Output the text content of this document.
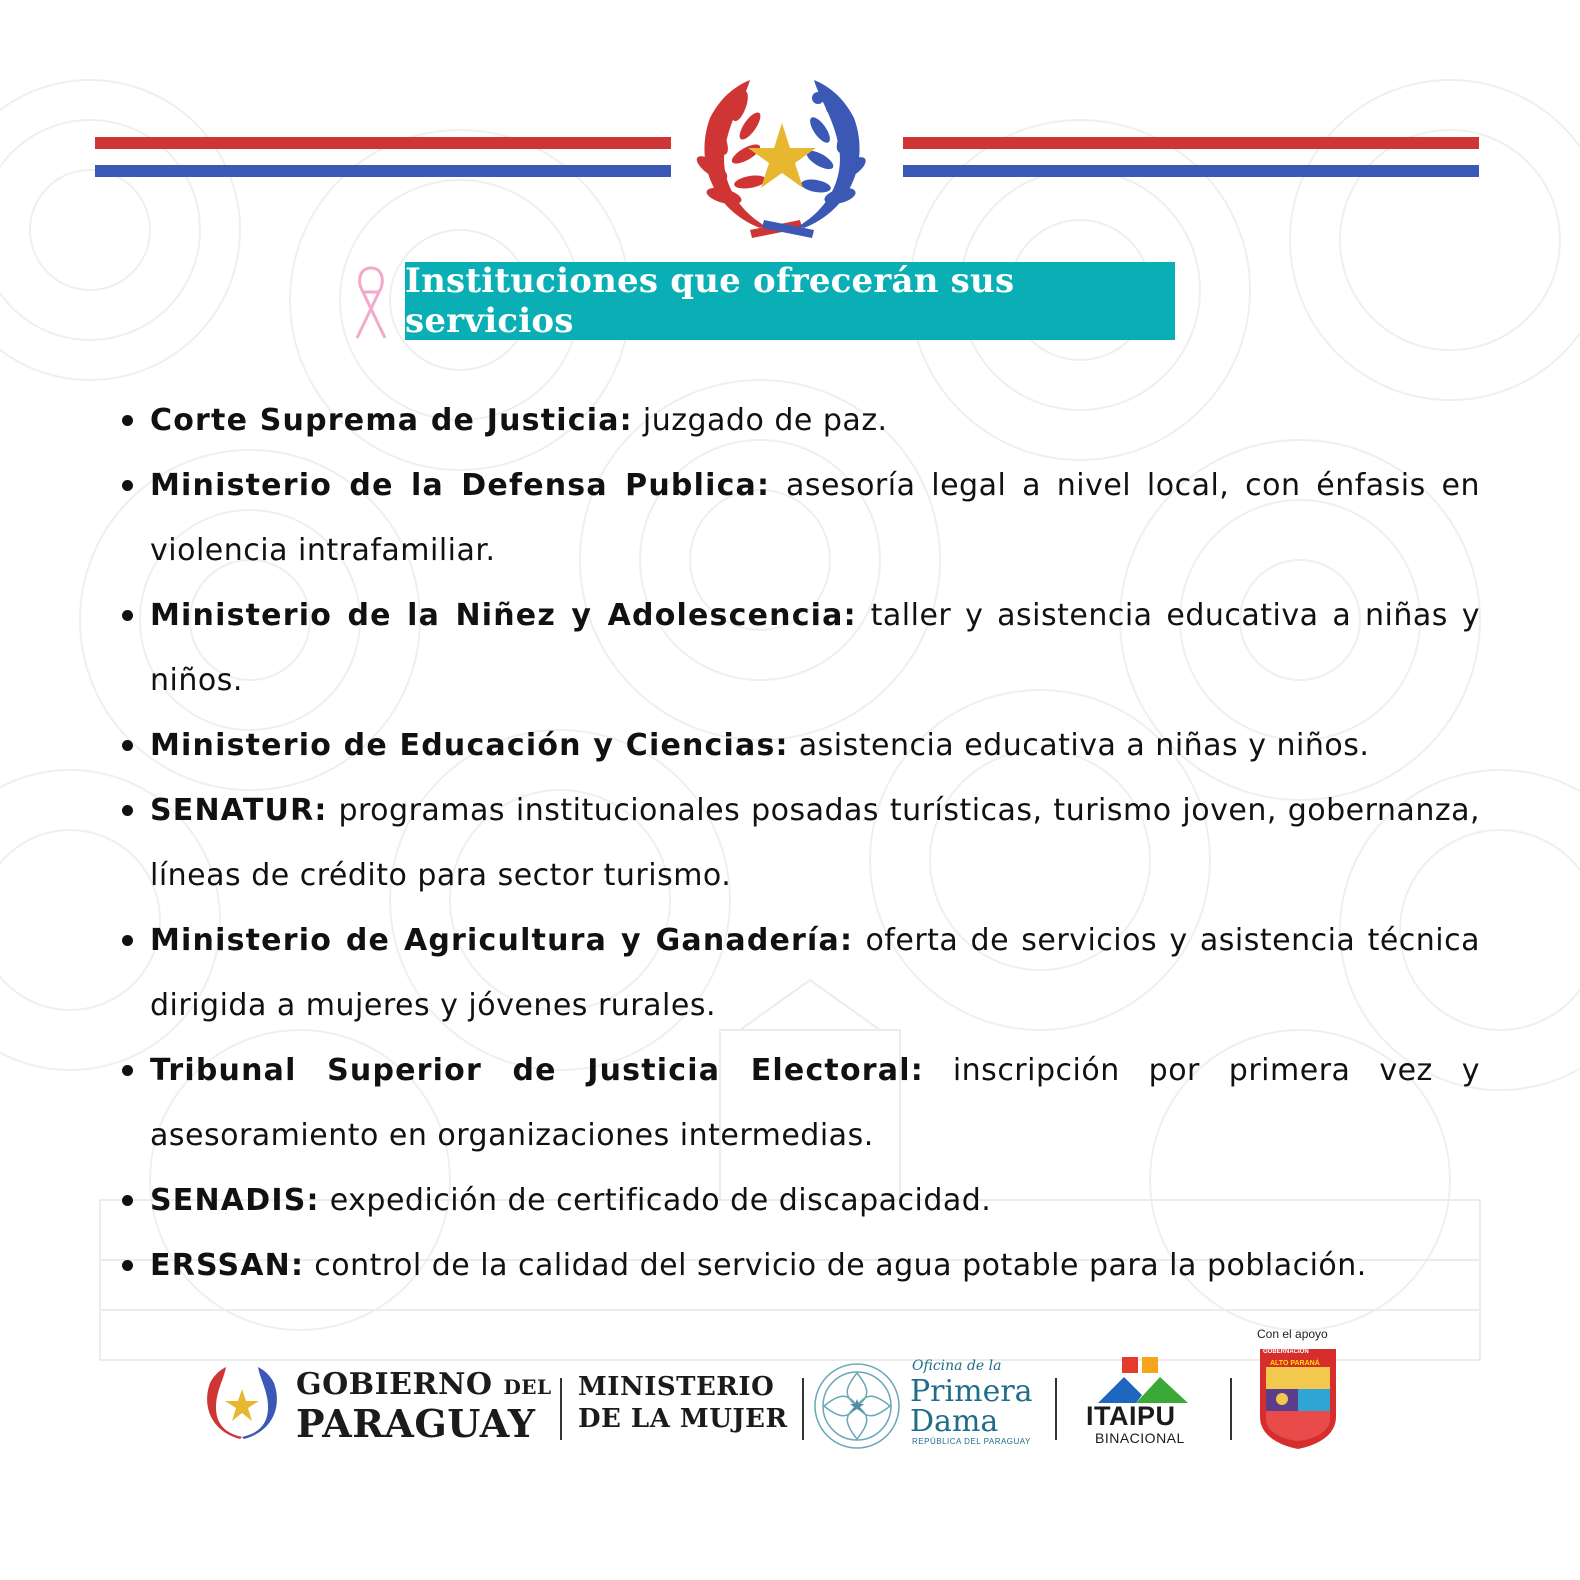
Instituciones que ofrecerán sus servicios
Corte Suprema de Justicia: juzgado de paz.
Ministerio de la Defensa Publica: asesoría legal a nivel local, con énfasis en violencia intrafamiliar.
Ministerio de la Niñez y Adolescencia: taller y asistencia educativa a niñas y niños.
Ministerio de Educación y Ciencias: asistencia educativa a niñas y niños.
SENATUR: programas institucionales posadas turísticas, turismo joven, gobernanza, líneas de crédito para sector turismo.
Ministerio de Agricultura y Ganadería: oferta de servicios y asistencia técnica dirigida a mujeres y jóvenes rurales.
Tribunal Superior de Justicia Electoral: inscripción por primera vez y asesoramiento en organizaciones intermedias.
SENADIS: expedición de certificado de discapacidad.
ERSSAN: control de la calidad del servicio de agua potable para la población.
GOBIERNO DEL
PARAGUAY
MINISTERIO
DE LA MUJER
Oficina de la
Primera
Dama
REPÚBLICA DEL PARAGUAY
ITAIPU
BINACIONAL
Con el apoyo
GOBERNACIÓN
ALTO PARANÁ
